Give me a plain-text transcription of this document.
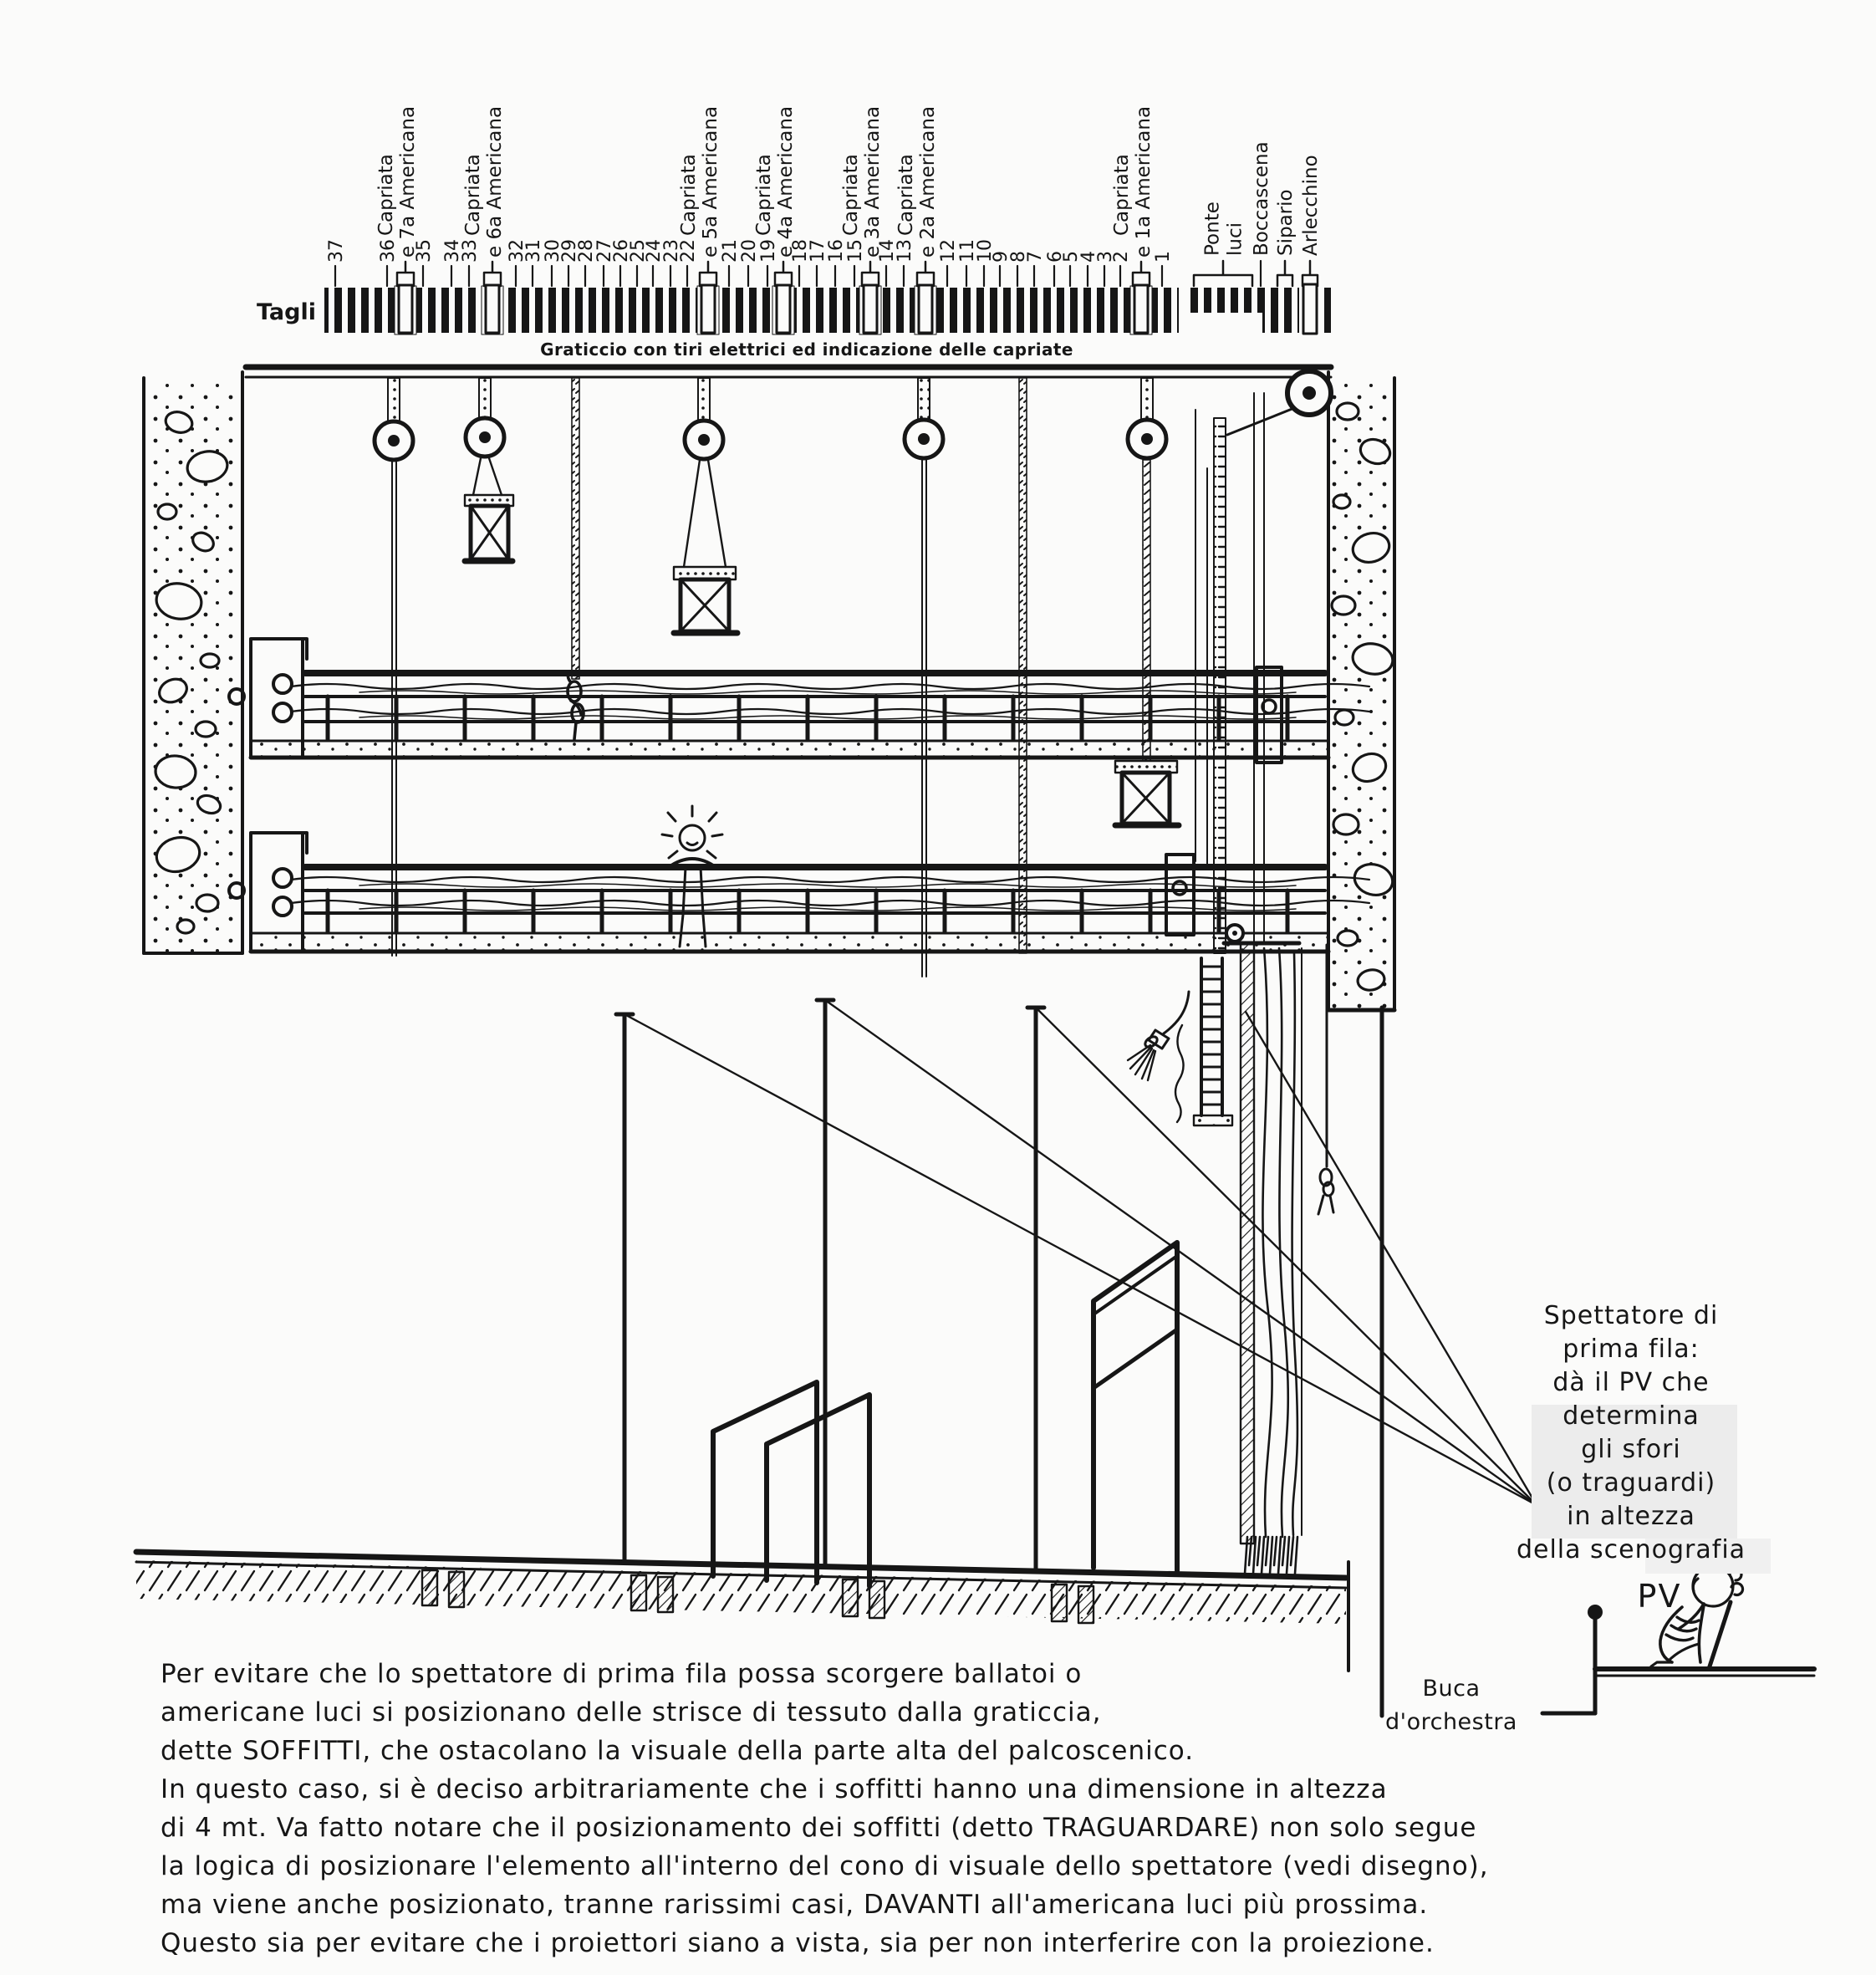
37 36 35 34
33 32
31
30
29
28
27
26
25
24
23
22 21
20
19 18
17
16
15 14
13 12
11
10
9
8
7 6
5
4
3
2 1
Capriata e 7a Americana Capriata e 6a Americana	Capriata e 5a Americana Capriata e 4a Americana Capriata e 3a Americana Capriata e 2a Americana	Capriata e 1a Americana Ponte luci Boccascena Sipario Arlecchino
Tagli
Graticcio con tiri elettrici ed indicazione delle capriate
Spettatore di
prima fila:
dà il PV che
determina
gli sfori
(o traguardi)
in altezza
della scenografia
PV
Buca
d'orchestra
Per evitare che lo spettatore di prima fila possa scorgere ballatoi o
americane luci si posizionano delle strisce di tessuto dalla graticcia,
dette SOFFITTI, che ostacolano la visuale della parte alta del palcoscenico.
In questo caso, si è deciso arbitrariamente che i soffitti hanno una dimensione in altezza
di 4 mt. Va fatto notare che il posizionamento dei soffitti (detto TRAGUARDARE) non solo segue
la logica di posizionare l'elemento all'interno del cono di visuale dello spettatore (vedi disegno),
ma viene anche posizionato, tranne rarissimi casi, DAVANTI all'americana luci più prossima.
Questo sia per evitare che i proiettori siano a vista, sia per non interferire con la proiezione.
